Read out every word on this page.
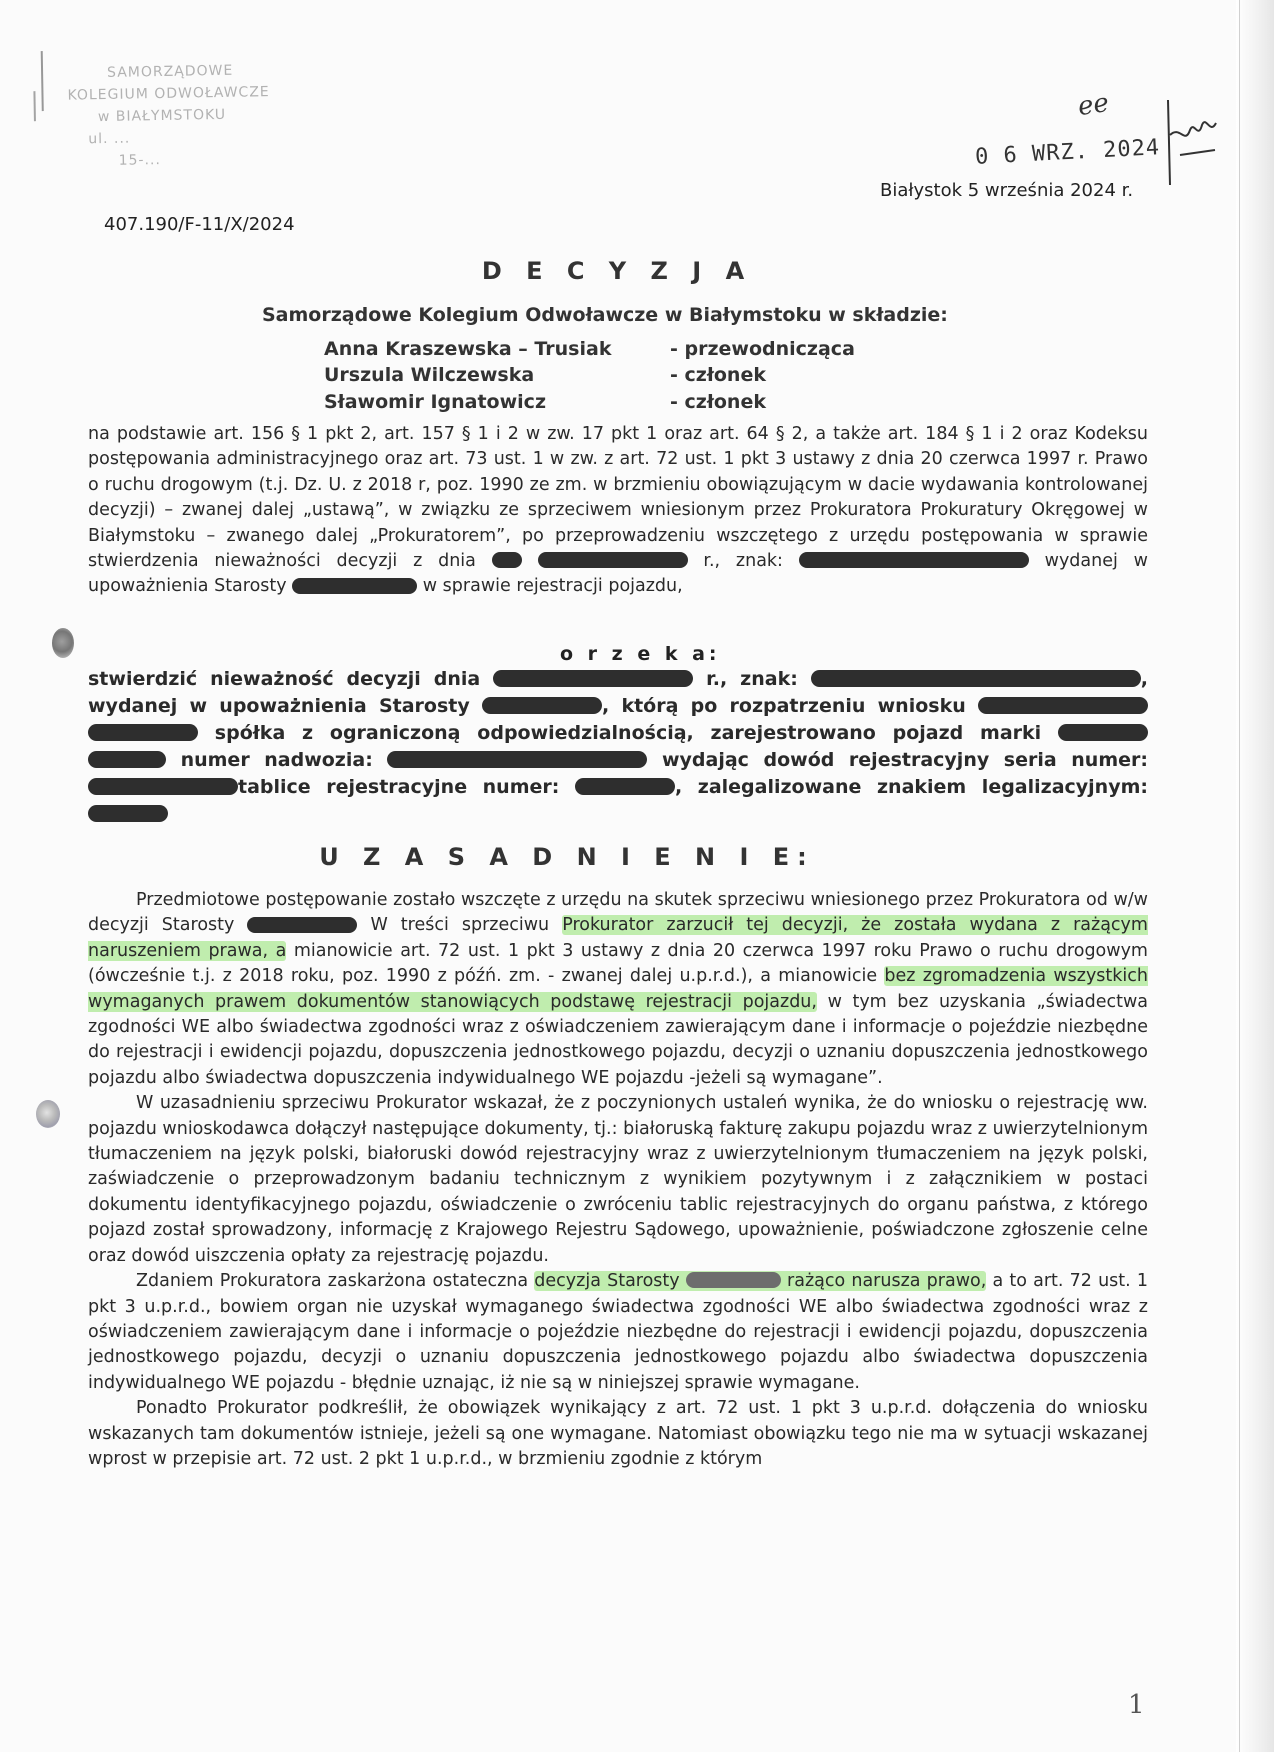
SAMORZĄDOWE
KOLEGIUM ODWOŁAWCZE
w BIAŁYMSTOKU
ul. ...
15-...
ee
0 6 WRZ. 2024
Białystok 5 września 2024 r.
407.190/F-11/X/2024
D E C Y Z J A
Samorządowe Kolegium Odwoławcze w Białymstoku w składzie:
Anna Kraszewska – Trusiak	- przewodnicząca
Urszula Wilczewska	- członek
Sławomir Ignatowicz	- członek

na podstawie art. 156 § 1 pkt 2, art. 157 § 1 i 2 w zw. 17 pkt 1 oraz art. 64 § 2, a także art. 184 § 1 i 2 oraz Kodeksu postępowania administracyjnego oraz art. 73 ust. 1 w zw. z art. 72 ust. 1 pkt 3 ustawy z dnia 20 czerwca 1997 r. Prawo o ruchu drogowym (t.j. Dz. U. z 2018 r, poz. 1990 ze zm. w brzmieniu obowiązującym w dacie wydawania kontrolowanej decyzji) – zwanej dalej „ustawą”, w związku ze sprzeciwem wniesionym przez Prokuratora Prokuratury Okręgowej w Białymstoku – zwanego dalej „Prokuratorem”, po przeprowadzeniu wszczętego z urzędu postępowania w sprawie stwierdzenia nieważności decyzji z dnia	r., znak:	wydanej w upoważnienia Starosty	w sprawie rejestracji pojazdu,

o r z e k a:
stwierdzić nieważność decyzji dnia	r., znak:	, wydanej w upoważnienia Starosty	, którą po rozpatrzeniu wniosku   spółka z ograniczoną odpowiedzialnością, zarejestrowano pojazd marki   numer nadwozia:	wydając dowód rejestracyjny seria numer: tablice rejestracyjne numer:	, zalegalizowane znakiem legalizacyjnym:
U Z A S A D N I E N I E:

Przedmiotowe postępowanie zostało wszczęte z urzędu na skutek sprzeciwu wniesionego przez Prokuratora od w/w decyzji Starosty	W treści sprzeciwu Prokurator zarzucił tej decyzji, że została wydana z rażącym naruszeniem prawa, a mianowicie art. 72 ust. 1 pkt 3 ustawy z dnia 20 czerwca 1997 roku Prawo o ruchu drogowym (ówcześnie t.j. z 2018 roku, poz. 1990 z późń. zm. - zwanej dalej u.p.r.d.), a mianowicie bez zgromadzenia wszystkich wymaganych prawem dokumentów stanowiących podstawę rejestracji pojazdu, w tym bez uzyskania „świadectwa zgodności WE albo świadectwa zgodności wraz z oświadczeniem zawierającym dane i informacje o pojeździe niezbędne do rejestracji i ewidencji pojazdu, dopuszczenia jednostkowego pojazdu, decyzji o uznaniu dopuszczenia jednostkowego pojazdu albo świadectwa dopuszczenia indywidualnego WE pojazdu -jeżeli są wymagane”.

W uzasadnieniu sprzeciwu Prokurator wskazał, że z poczynionych ustaleń wynika, że do wniosku o rejestrację ww. pojazdu wnioskodawca dołączył następujące dokumenty, tj.: białoruską fakturę zakupu pojazdu wraz z uwierzytelnionym tłumaczeniem na język polski, białoruski dowód rejestracyjny wraz z uwierzytelnionym tłumaczeniem na język polski, zaświadczenie o przeprowadzonym badaniu technicznym z wynikiem pozytywnym i z załącznikiem w postaci dokumentu identyfikacyjnego pojazdu, oświadczenie o zwróceniu tablic rejestracyjnych do organu państwa, z którego pojazd został sprowadzony, informację z Krajowego Rejestru Sądowego, upoważnienie, poświadczone zgłoszenie celne oraz dowód uiszczenia opłaty za rejestrację pojazdu.

Zdaniem Prokuratora zaskarżona ostateczna decyzja Starosty	rażąco narusza prawo, a to art. 72 ust. 1 pkt 3 u.p.r.d., bowiem organ nie uzyskał wymaganego świadectwa zgodności WE albo świadectwa zgodności wraz z oświadczeniem zawierającym dane i informacje o pojeździe niezbędne do rejestracji i ewidencji pojazdu, dopuszczenia jednostkowego pojazdu, decyzji o uznaniu dopuszczenia jednostkowego pojazdu albo świadectwa dopuszczenia indywidualnego WE pojazdu - błędnie uznając, iż nie są w niniejszej sprawie wymagane.

Ponadto Prokurator podkreślił, że obowiązek wynikający z art. 72 ust. 1 pkt 3 u.p.r.d. dołączenia do wniosku wskazanych tam dokumentów istnieje, jeżeli są one wymagane. Natomiast obowiązku tego nie ma w sytuacji wskazanej wprost w przepisie art. 72 ust. 2 pkt 1 u.p.r.d., w brzmieniu zgodnie z którym

1
